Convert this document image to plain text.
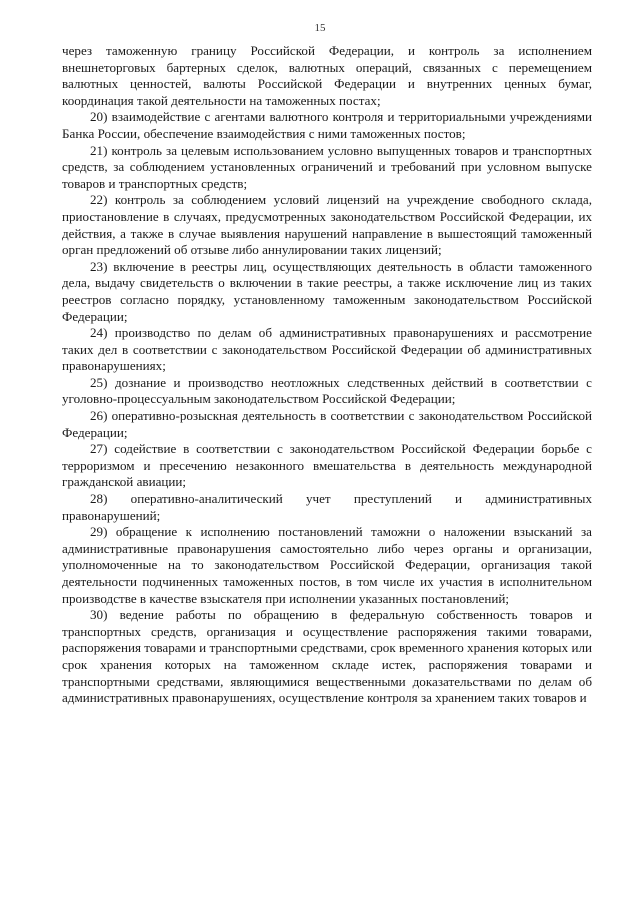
15

через таможенную границу Российской Федерации, и контроль за исполнением внешнеторговых бартерных сделок, валютных операций, связанных с перемещением валютных ценностей, валюты Российской Федерации и внутренних ценных бумаг, координация такой деятельности на таможенных постах;

20) взаимодействие с агентами валютного контроля и территориальными учреждениями Банка России, обеспечение взаимодействия с ними таможенных постов;

21) контроль за целевым использованием условно выпущенных товаров и транспортных средств, за соблюдением установленных ограничений и требований при условном выпуске товаров и транспортных средств;

22) контроль за соблюдением условий лицензий на учреждение свободного склада, приостановление в случаях, предусмотренных законодательством Российской Федерации, их действия, а также в случае выявления нарушений направление в вышестоящий таможенный орган предложений об отзыве либо аннулировании таких лицензий;

23) включение в реестры лиц, осуществляющих деятельность в области таможенного дела, выдачу свидетельств о включении в такие реестры, а также исключение лиц из таких реестров согласно порядку, установленному таможенным законодательством Российской Федерации;

24) производство по делам об административных правонарушениях и рассмотрение таких дел в соответствии с законодательством Российской Федерации об административных правонарушениях;

25) дознание и производство неотложных следственных действий в соответствии с уголовно-процессуальным законодательством Российской Федерации;

26) оперативно-розыскная деятельность в соответствии с законодательством Российской Федерации;

27) содействие в соответствии с законодательством Российской Федерации борьбе с терроризмом и пресечению незаконного вмешательства в деятельность международной гражданской авиации;

28) оперативно-аналитический учет преступлений и административных правонарушений;

29) обращение к исполнению постановлений таможни о наложении взысканий за административные правонарушения самостоятельно либо через органы и организации, уполномоченные на то законодательством Российской Федерации, организация такой деятельности подчиненных таможенных постов, в том числе их участия в исполнительном производстве в качестве взыскателя при исполнении указанных постановлений;

30) ведение работы по обращению в федеральную собственность товаров и транспортных средств, организация и осуществление распоряжения такими товарами, распоряжения товарами и транспортными средствами, срок временного хранения которых или срок хранения которых на таможенном складе истек, распоряжения товарами и транспортными средствами, являющимися вещественными доказательствами по делам об административных правонарушениях, осуществление контроля за хранением таких товаров и
